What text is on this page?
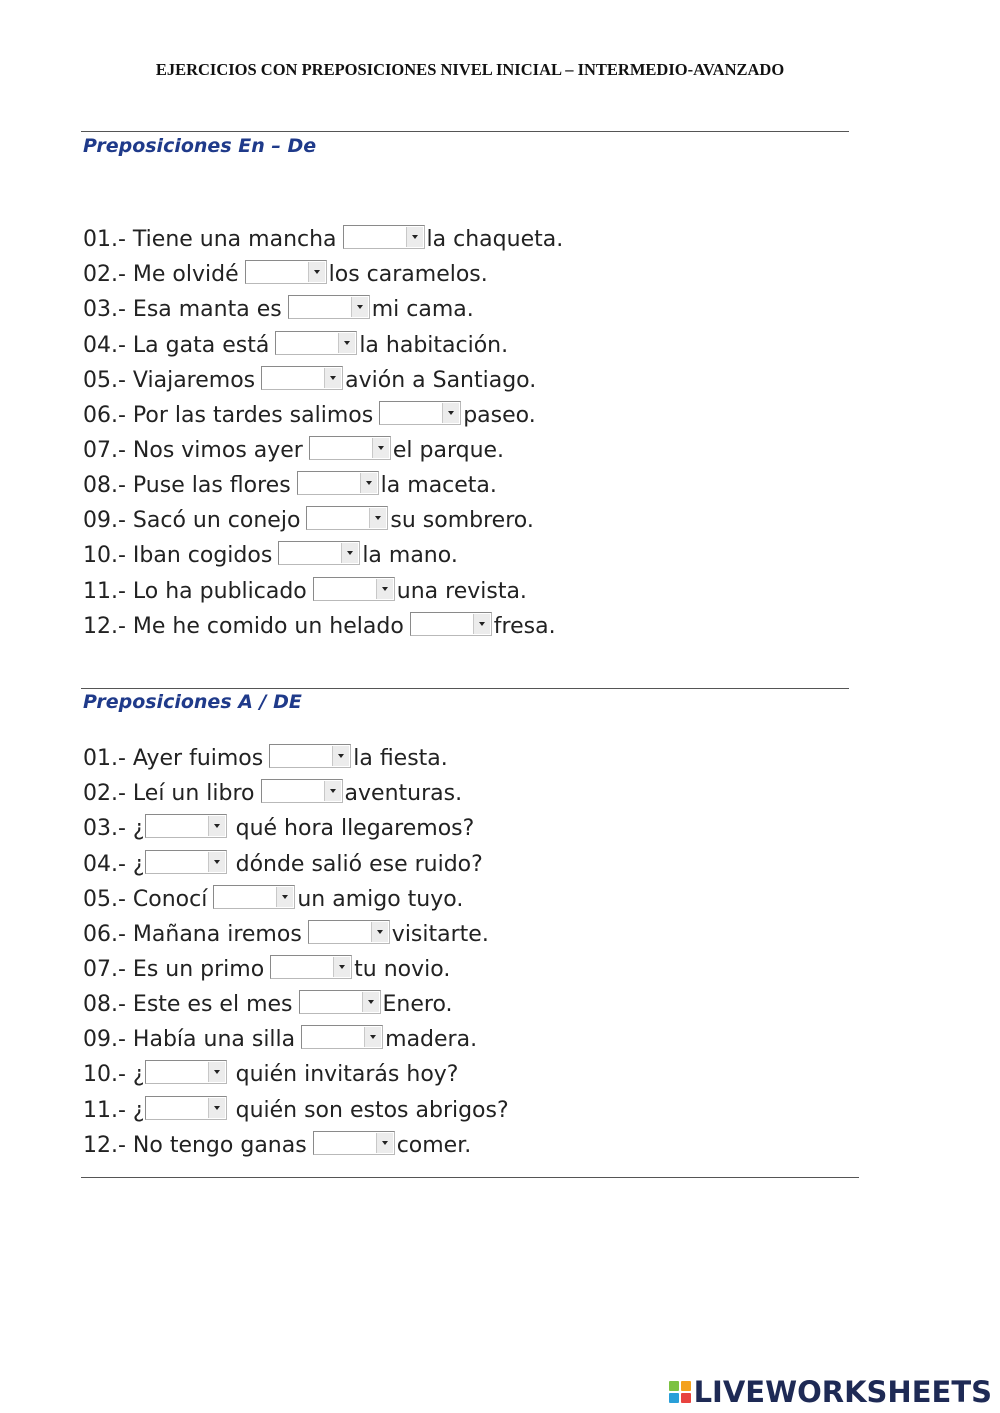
EJERCICIOS CON PREPOSICIONES NIVEL INICIAL – INTERMEDIO-AVANZADO
Preposiciones En – De
01.- Tiene una mancha	la chaqueta.
02.- Me olvidé	los caramelos.
03.- Esa manta es	mi cama.
04.- La gata está	la habitación.
05.- Viajaremos	avión a Santiago.
06.- Por las tardes salimos	paseo.
07.- Nos vimos ayer	el parque.
08.- Puse las flores	la maceta.
09.- Sacó un conejo	su sombrero.
10.- Iban cogidos	la mano.
11.- Lo ha publicado	una revista.
12.- Me he comido un helado	fresa.
Preposiciones A / DE
01.- Ayer fuimos	la fiesta.
02.- Leí un libro	aventuras.
03.- ¿	qué hora llegaremos?
04.- ¿	dónde salió ese ruido?
05.- Conocí	un amigo tuyo.
06.- Mañana iremos	visitarte.
07.- Es un primo	tu novio.
08.- Este es el mes	Enero.
09.- Había una silla	madera.
10.- ¿	quién invitarás hoy?
11.- ¿	quién son estos abrigos?
12.- No tengo ganas	comer.
LIVEWORKSHEETS
